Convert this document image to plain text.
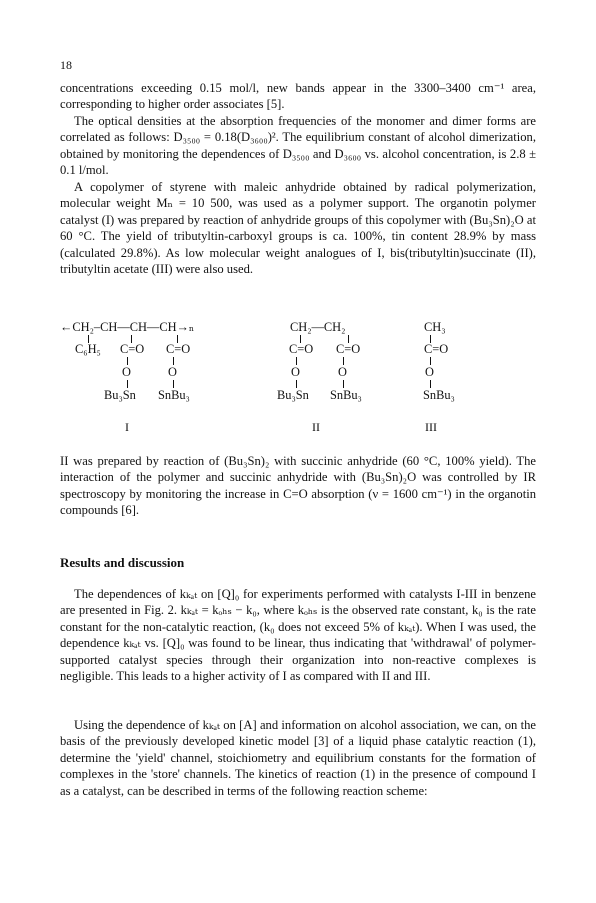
18

concentrations exceeding 0.15 mol/l, new bands appear in the 3300–3400 cm⁻¹ area, corresponding to higher order associates [5].

The optical densities at the absorption frequencies of the monomer and dimer forms are correlated as follows: D₃₅₀₀ = 0.18(D₃₆₀₀)². The equilibrium constant of alcohol dimerization, obtained by monitoring the dependences of D₃₅₀₀ and D₃₆₀₀ vs. alcohol concentration, is 2.8 ± 0.1 l/mol.

A copolymer of styrene with maleic anhydride obtained by radical polymerization, molecular weight Mₙ = 10 500, was used as a polymer support. The organotin polymer catalyst (I) was prepared by reaction of anhydride groups of this copolymer with (Bu₃Sn)₂O at 60 °C. The yield of tributyltin-carboxyl groups is ca. 100%, tin content 28.9% by mass (calculated 29.8%). As low molecular weight analogues of I, bis(tributyltin)succinate (II), tributyltin acetate (III) were also used.

←CH₂–CH—CH—CH→ₙ
C₆H₅ C=O C=O
O	O
Bu₃Sn SnBu₃
CH₂—CH₂
C=O C=O
O	O
Bu₃Sn SnBu₃
CH₃
C=O
O
SnBu₃
I	II	III

II was prepared by reaction of (Bu₃Sn)₂ with succinic anhydride (60 °C, 100% yield). The interaction of the polymer and succinic anhydride with (Bu₃Sn)₂O was controlled by IR spectroscopy by monitoring the increase in C=O absorption (ν = 1600 cm⁻¹) in the organotin compounds [6].

Results and discussion

The dependences of kₖₐₜ on [Q]₀ for experiments performed with catalysts I-III in benzene are presented in Fig. 2. kₖₐₜ = kₒₕₛ − k₀, where kₒₕₛ is the observed rate constant, k₀ is the rate constant for the non-catalytic reaction, (k₀ does not exceed 5% of kₖₐₜ). When I was used, the dependence kₖₐₜ vs. [Q]₀ was found to be linear, thus indicating that 'withdrawal' of polymer-supported catalyst species through their organization into non-reactive complexes is negligible. This leads to a higher activity of I as compared with II and III.

Using the dependence of kₖₐₜ on [A] and information on alcohol association, we can, on the basis of the previously developed kinetic model [3] of a liquid phase catalytic reaction (1), determine the 'yield' channel, stoichiometry and equilibrium constants for the formation of complexes in the 'store' channels. The kinetics of reaction (1) in the presence of compound I as a catalyst, can be described in terms of the following reaction scheme:
